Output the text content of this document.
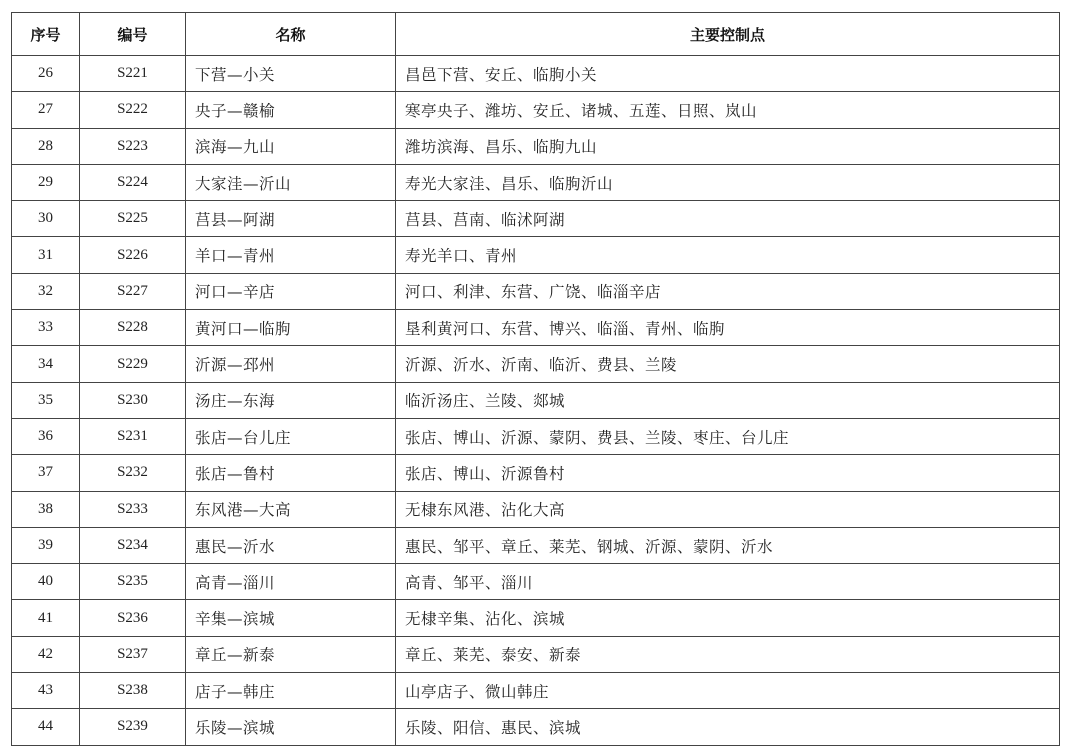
序号	编号	名称	主要控制点
26	S221	下营—小关	昌邑下营、安丘、临朐小关
27	S222	央子—赣榆	寒亭央子、潍坊、安丘、诸城、五莲、日照、岚山
28	S223	滨海—九山	潍坊滨海、昌乐、临朐九山
29	S224	大家洼—沂山	寿光大家洼、昌乐、临朐沂山
30	S225	莒县—阿湖	莒县、莒南、临沭阿湖
31	S226	羊口—青州	寿光羊口、青州
32	S227	河口—辛店	河口、利津、东营、广饶、临淄辛店
33	S228	黄河口—临朐	垦利黄河口、东营、博兴、临淄、青州、临朐
34	S229	沂源—邳州	沂源、沂水、沂南、临沂、费县、兰陵
35	S230	汤庄—东海	临沂汤庄、兰陵、郯城
36	S231	张店—台儿庄	张店、博山、沂源、蒙阴、费县、兰陵、枣庄、台儿庄
37	S232	张店—鲁村	张店、博山、沂源鲁村
38	S233	东风港—大高	无棣东风港、沾化大高
39	S234	惠民—沂水	惠民、邹平、章丘、莱芜、钢城、沂源、蒙阴、沂水
40	S235	高青—淄川	高青、邹平、淄川
41	S236	辛集—滨城	无棣辛集、沾化、滨城
42	S237	章丘—新泰	章丘、莱芜、泰安、新泰
43	S238	店子—韩庄	山亭店子、微山韩庄
44	S239	乐陵—滨城	乐陵、阳信、惠民、滨城
